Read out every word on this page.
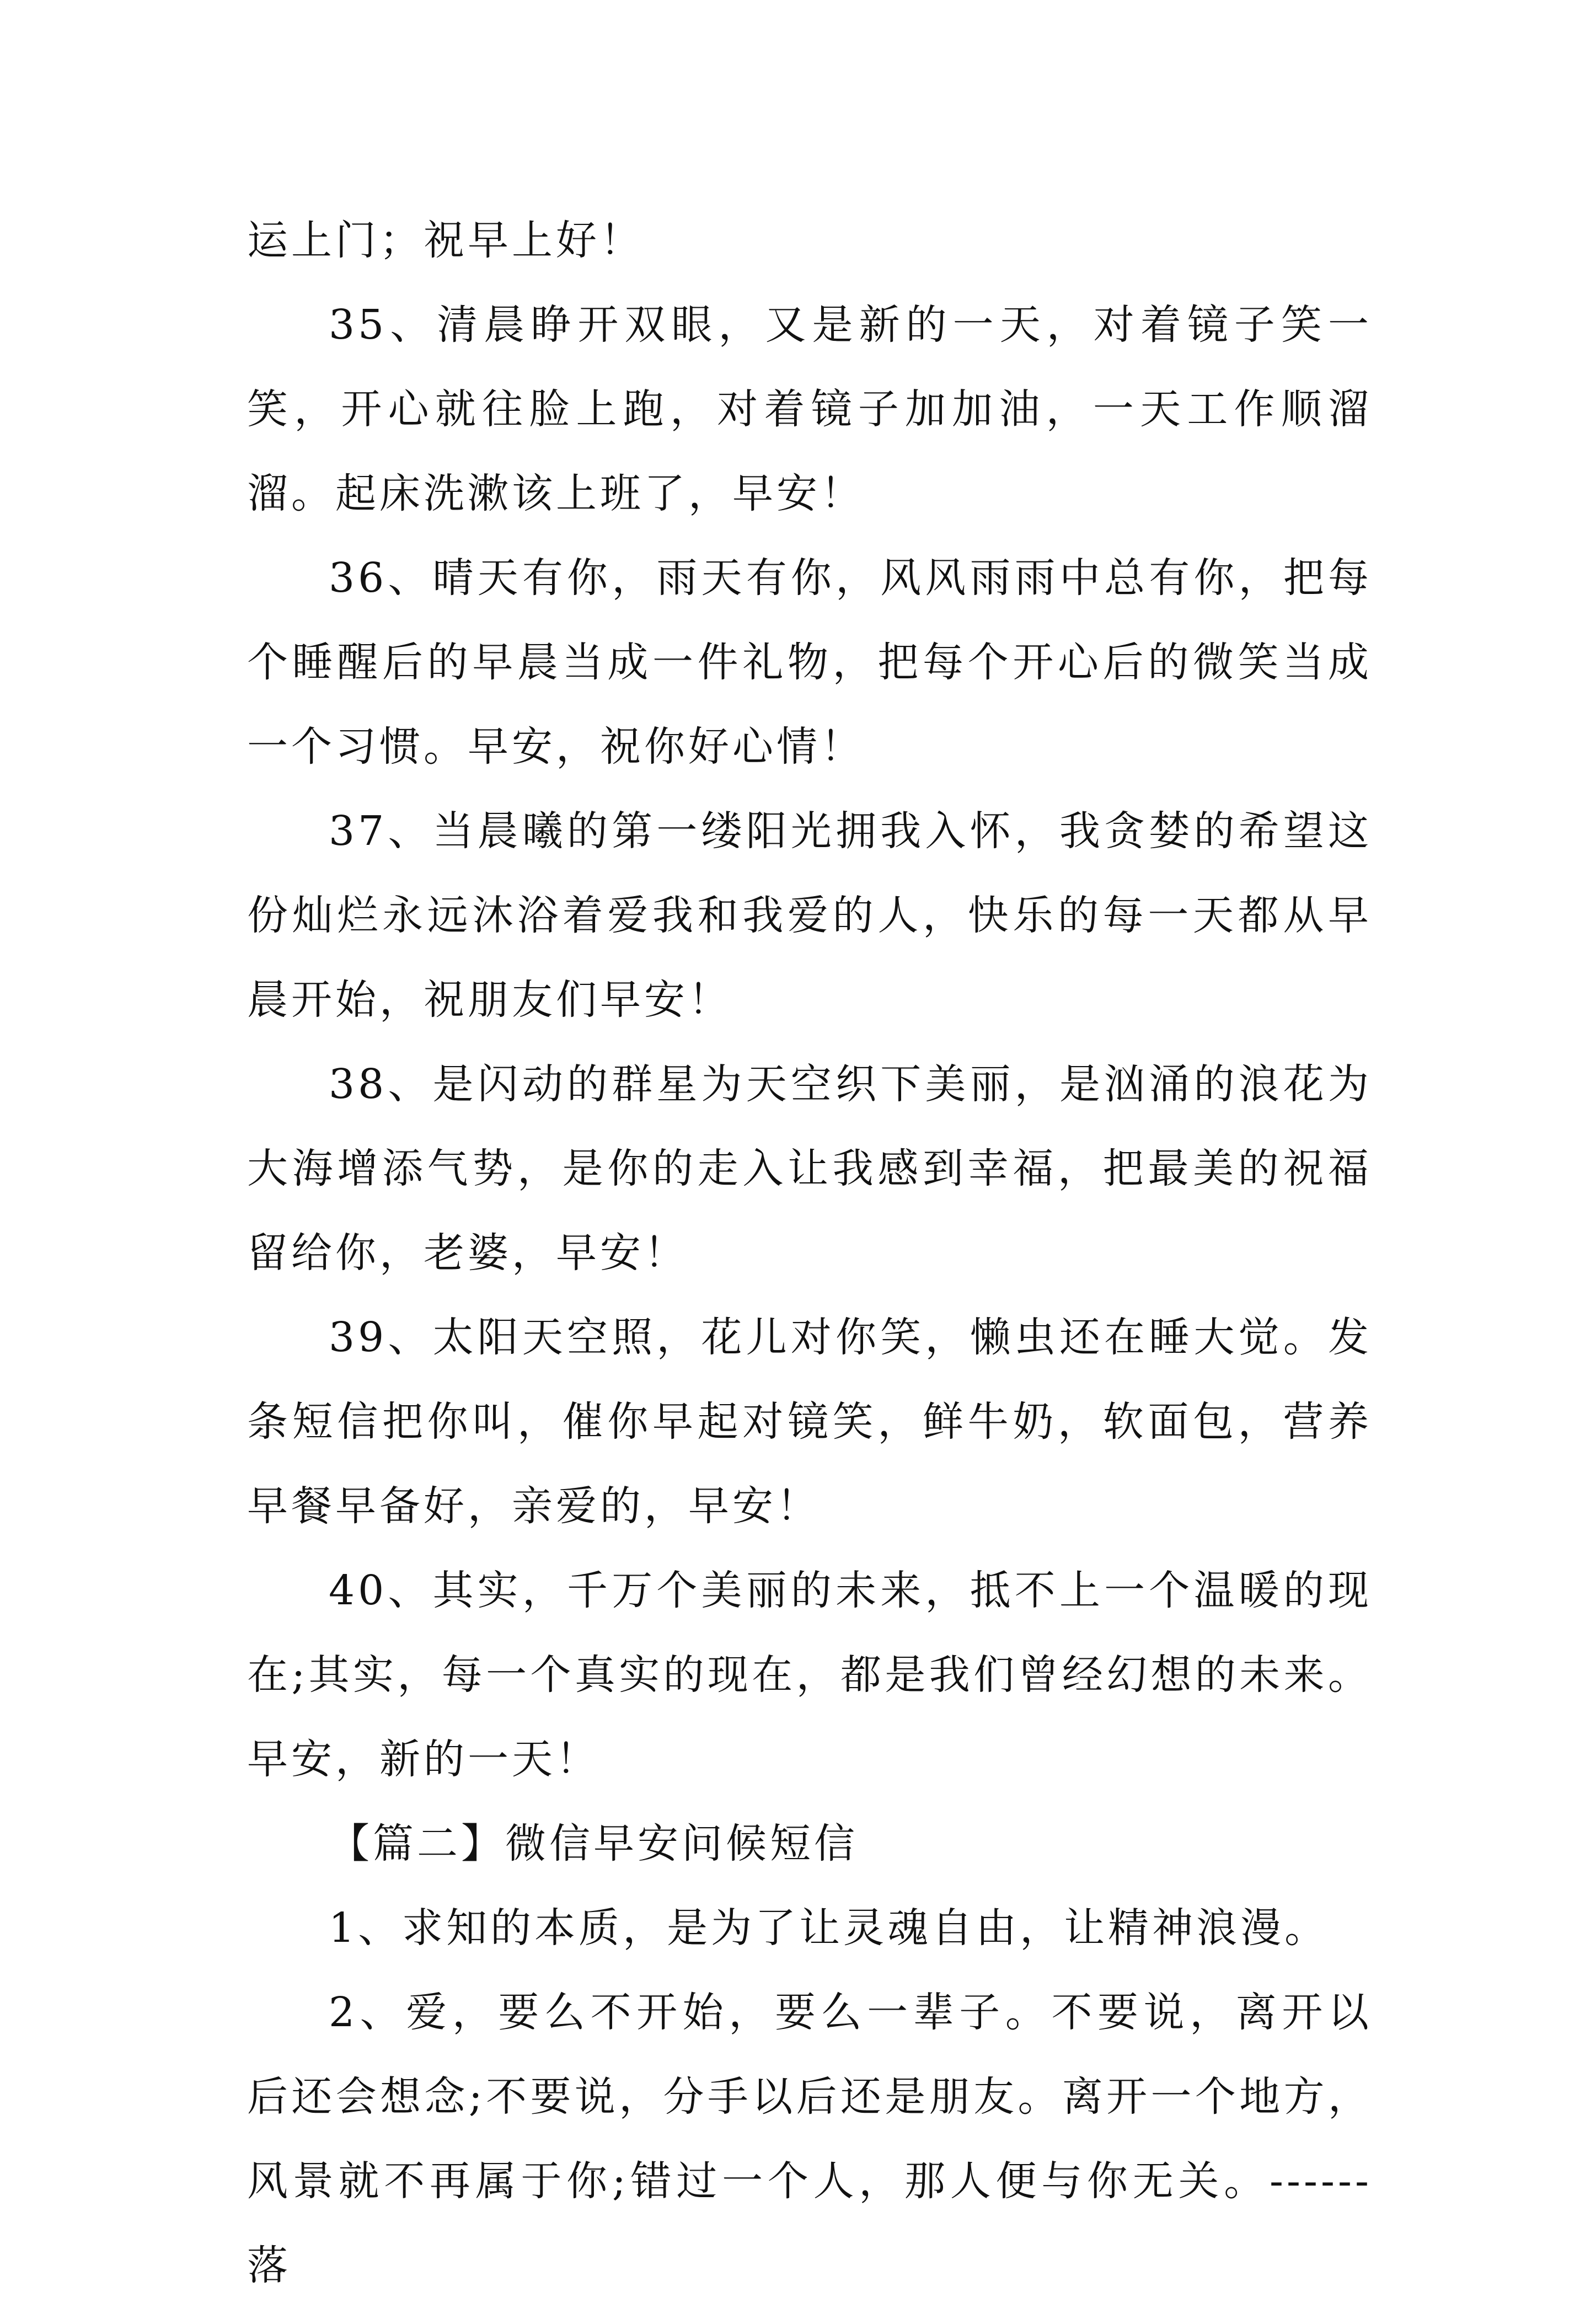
运上门；祝早上好！

35、清晨睁开双眼，又是新的一天，对着镜子笑一笑，开心就往脸上跑，对着镜子加加油，一天工作顺溜溜。起床洗漱该上班了，早安！

36、晴天有你，雨天有你，风风雨雨中总有你，把每个睡醒后的早晨当成一件礼物，把每个开心后的微笑当成一个习惯。早安，祝你好心情！

37、当晨曦的第一缕阳光拥我入怀，我贪婪的希望这份灿烂永远沐浴着爱我和我爱的人，快乐的每一天都从早晨开始，祝朋友们早安！

38、是闪动的群星为天空织下美丽，是汹涌的浪花为大海增添气势，是你的走入让我感到幸福，把最美的祝福留给你，老婆，早安！

39、太阳天空照，花儿对你笑，懒虫还在睡大觉。发条短信把你叫，催你早起对镜笑，鲜牛奶，软面包，营养早餐早备好，亲爱的，早安！

40、其实，千万个美丽的未来，抵不上一个温暖的现在;其实，每一个真实的现在，都是我们曾经幻想的未来。早安，新的一天！

【篇二】微信早安问候短信

1、求知的本质，是为了让灵魂自由，让精神浪漫。

2、爱，要么不开始，要么一辈子。不要说，离开以后还会想念;不要说，分手以后还是朋友。离开一个地方，风景就不再属于你;错过一个人，那人便与你无关。------落
